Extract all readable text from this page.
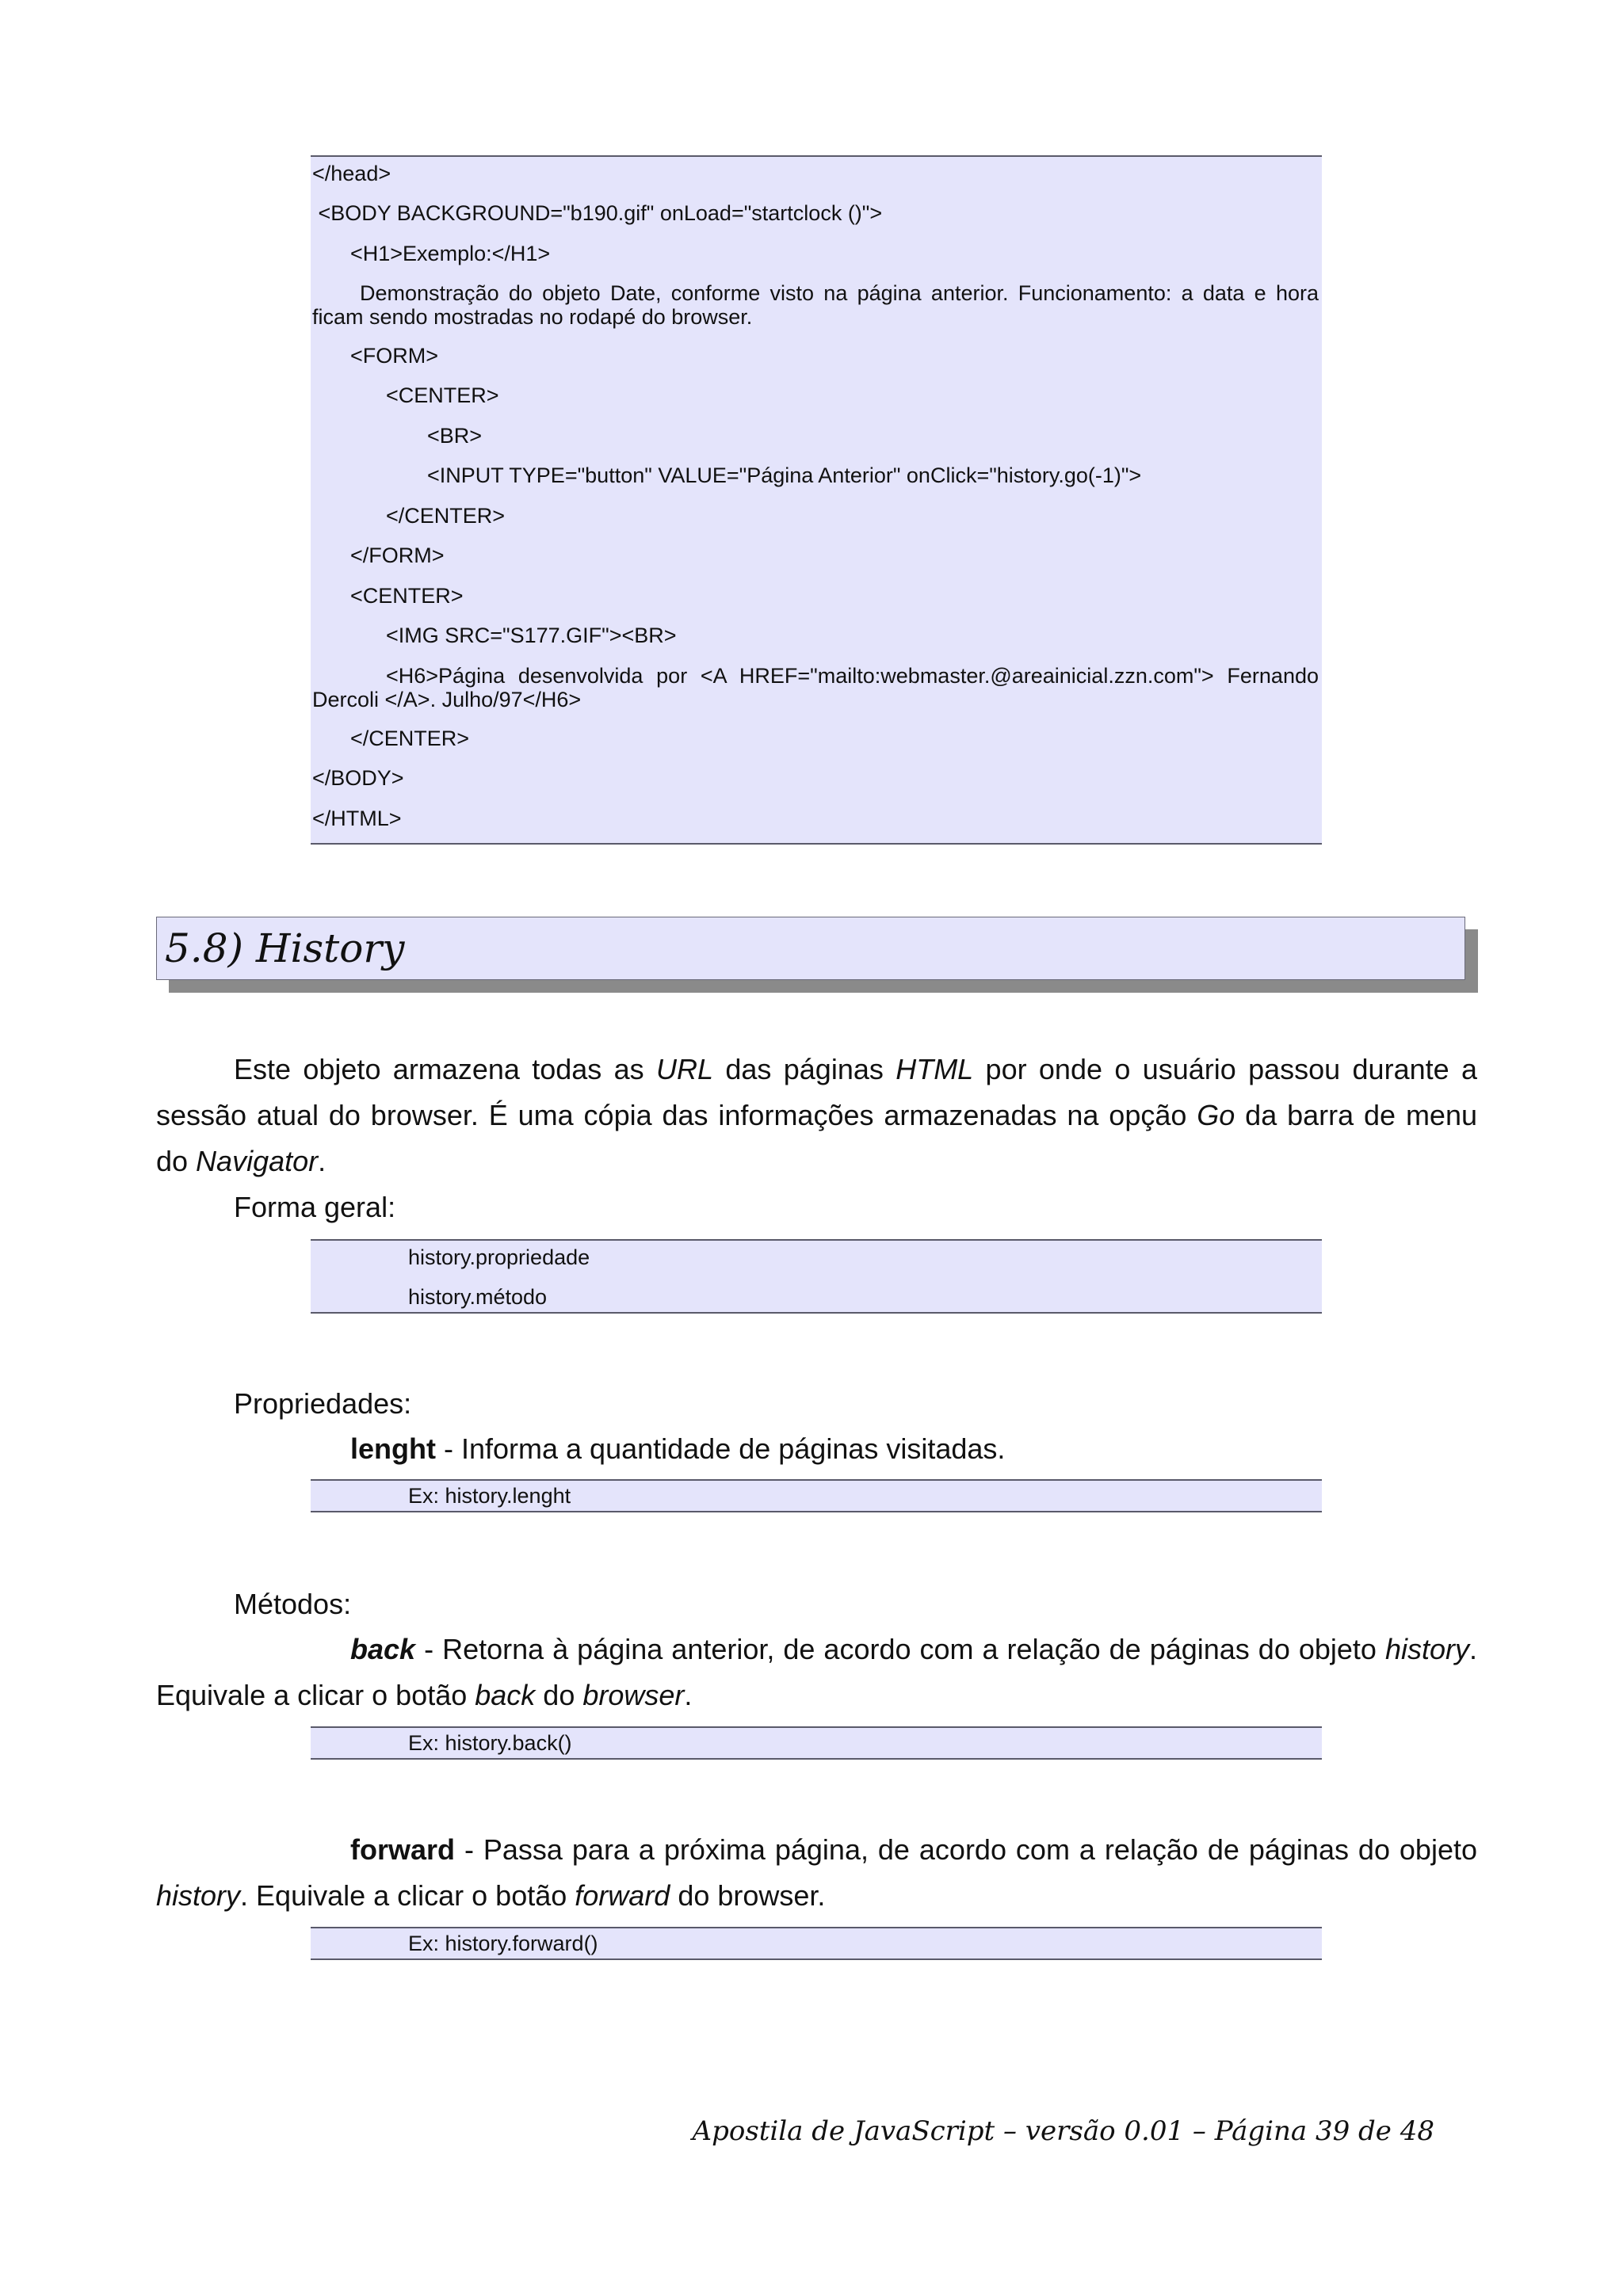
</head>
<BODY BACKGROUND="b190.gif" onLoad="startclock ()">
<H1>Exemplo:</H1>
Demonstração do objeto Date, conforme visto na página anterior. Funcionamento: a data e hora ficam sendo mostradas no rodapé do browser.
<FORM>
<CENTER>
<BR>
<INPUT TYPE="button" VALUE="Página Anterior" onClick="history.go(-1)">
</CENTER>
</FORM>
<CENTER>
<IMG SRC="S177.GIF"><BR>
<H6>Página desenvolvida por <A HREF="mailto:webmaster.@areainicial.zzn.com"> Fernando Dercoli </A>. Julho/97</H6>
</CENTER>
</BODY>
</HTML>
5.8) History
Este objeto armazena todas as URL das páginas HTML por onde o usuário passou durante a sessão atual do browser. É uma cópia das informações armazenadas na opção Go da barra de menu do Navigator.
Forma geral:
history.propriedade
history.método
Propriedades:
lenght - Informa a quantidade de páginas visitadas.
Ex: history.lenght
Métodos:
back - Retorna à página anterior, de acordo com a relação de páginas do objeto history. Equivale a clicar o botão back do browser.
Ex: history.back()
forward - Passa para a próxima página, de acordo com a relação de páginas do objeto history. Equivale a clicar o botão forward do browser.
Ex: history.forward()
Apostila de JavaScript – versão 0.01 – Página 39 de 48
